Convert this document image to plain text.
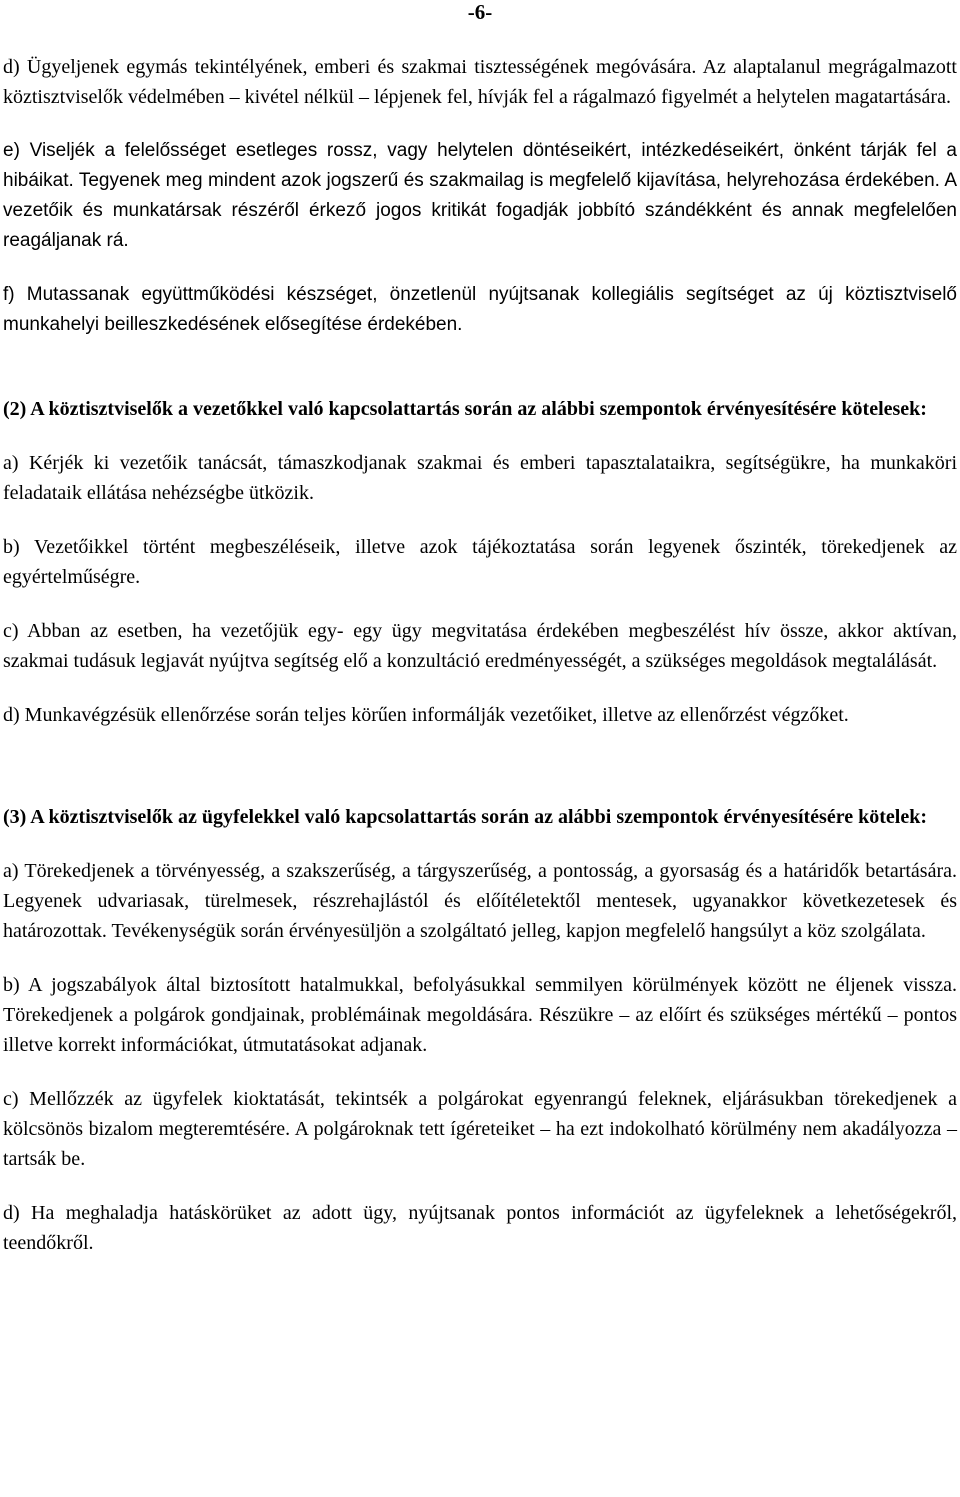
-6-

d) Ügyeljenek egymás tekintélyének, emberi és szakmai tisztességének megóvására. Az alaptalanul megrágalmazott köztisztviselők védelmében – kivétel nélkül – lépjenek fel, hívják fel a rágalmazó figyelmét a helytelen magatartására.

e) Viseljék a felelősséget esetleges rossz, vagy helytelen döntéseikért, intézkedéseikért, önként tárják fel a hibáikat. Tegyenek meg mindent azok jogszerű és szakmailag is megfelelő kijavítása, helyrehozása érdekében. A vezetőik és munkatársak részéről érkező jogos kritikát fogadják jobbító szándékként és annak megfelelően reagáljanak rá.

f) Mutassanak együttműködési készséget, önzetlenül nyújtsanak kollegiális segítséget az új köztisztviselő munkahelyi beilleszkedésének elősegítése érdekében.

(2) A köztisztviselők a vezetőkkel való kapcsolattartás során az alábbi szempontok érvényesítésére kötelesek:

a) Kérjék ki vezetőik tanácsát, támaszkodjanak szakmai és emberi tapasztalataikra, segítségükre, ha munkaköri feladataik ellátása nehézségbe ütközik.

b) Vezetőikkel történt megbeszéléseik, illetve azok tájékoztatása során legyenek őszinték, törekedjenek az egyértelműségre.

c) Abban az esetben, ha vezetőjük egy- egy ügy megvitatása érdekében megbeszélést hív össze, akkor aktívan, szakmai tudásuk legjavát nyújtva segítség elő a konzultáció eredményességét, a szükséges megoldások megtalálását.

d) Munkavégzésük ellenőrzése során teljes körűen informálják vezetőiket, illetve az ellenőrzést végzőket.

(3) A köztisztviselők az ügyfelekkel való kapcsolattartás során az alábbi szempontok érvényesítésére kötelek:

a) Törekedjenek a törvényesség, a szakszerűség, a tárgyszerűség, a pontosság, a gyorsaság és a határidők betartására. Legyenek udvariasak, türelmesek, részrehajlástól és előítéletektől mentesek, ugyanakkor következetesek és határozottak. Tevékenységük során érvényesüljön a szolgáltató jelleg, kapjon megfelelő hangsúlyt a köz szolgálata.

b) A jogszabályok által biztosított hatalmukkal, befolyásukkal semmilyen körülmények között ne éljenek vissza. Törekedjenek a polgárok gondjainak, problémáinak megoldására. Részükre – az előírt és szükséges mértékű – pontos illetve korrekt információkat, útmutatásokat adjanak.

c) Mellőzzék az ügyfelek kioktatását, tekintsék a polgárokat egyenrangú feleknek, eljárásukban törekedjenek a kölcsönös bizalom megteremtésére. A polgároknak tett ígéreteiket – ha ezt indokolható körülmény nem akadályozza – tartsák be.

d) Ha meghaladja hatáskörüket az adott ügy, nyújtsanak pontos információt az ügyfeleknek a lehetőségekről, teendőkről.
